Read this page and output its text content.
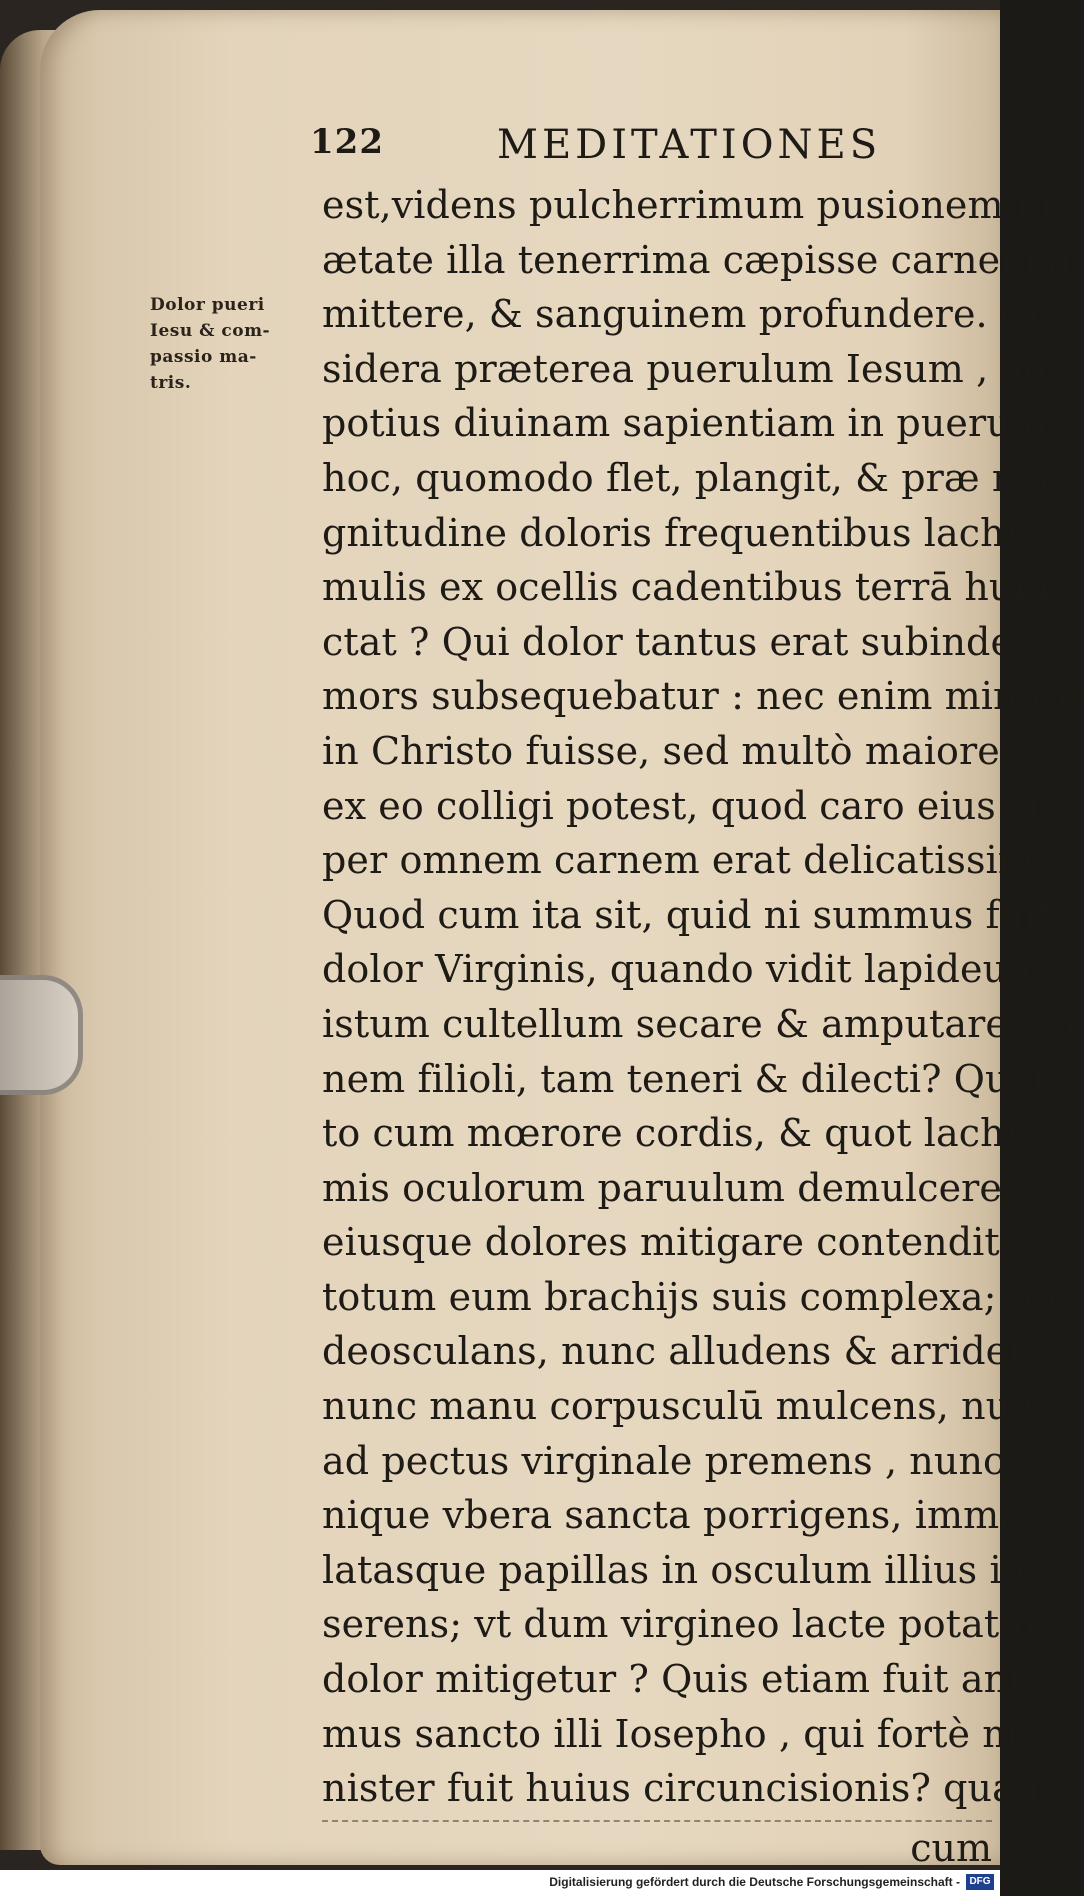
Dolor pueri
Iesu & com-
passio ma-
tris.
122	MEDITATIONES
est,videns pulcherrimum pusionem in
ætate illa tenerrima cæpisse carnem a-
mittere, & sanguinem profundere. Cō-
sidera præterea puerulum Iesum , aut
potius diuinam sapientiam in puerulo
hoc, quomodo flet, plangit, & præ ma-
gnitudine doloris frequentibus lachry-
mulis ex ocellis cadentibus terrā hume
ctat ? Qui dolor tantus erat subinde, vt
mors subsequebatur : nec enim minorē
in Christo fuisse, sed multò maiorem
ex eo colligi potest, quod caro eius su-
per omnem carnem erat delicatissima.
Quod cum ita sit, quid ni summus fuit
dolor Virginis, quando vidit lapideum
istum cultellum secare & amputare car
nem filioli, tam teneri & dilecti? Quan-
to cum mœrore cordis, & quot lachry-
mis oculorum paruulum demulcere,
eiusque dolores mitigare contendit,
totum eum brachijs suis complexa; nūc
deosculans, nunc alludens & arridens,
nunc manu corpusculū mulcens, nunc
ad pectus virginale premens , nunc de-
nique vbera sancta porrigens, immacu
latasque papillas in osculum illius in-
serens; vt dum virgineo lacte potatur,
dolor mitigetur ? Quis etiam fuit ani-
mus sancto illi Iosepho , qui fortè mi-
nister fuit huius circuncisionis? quanta
cum
Digitalisierung gefördert durch die Deutsche Forschungsgemeinschaft - DFG
